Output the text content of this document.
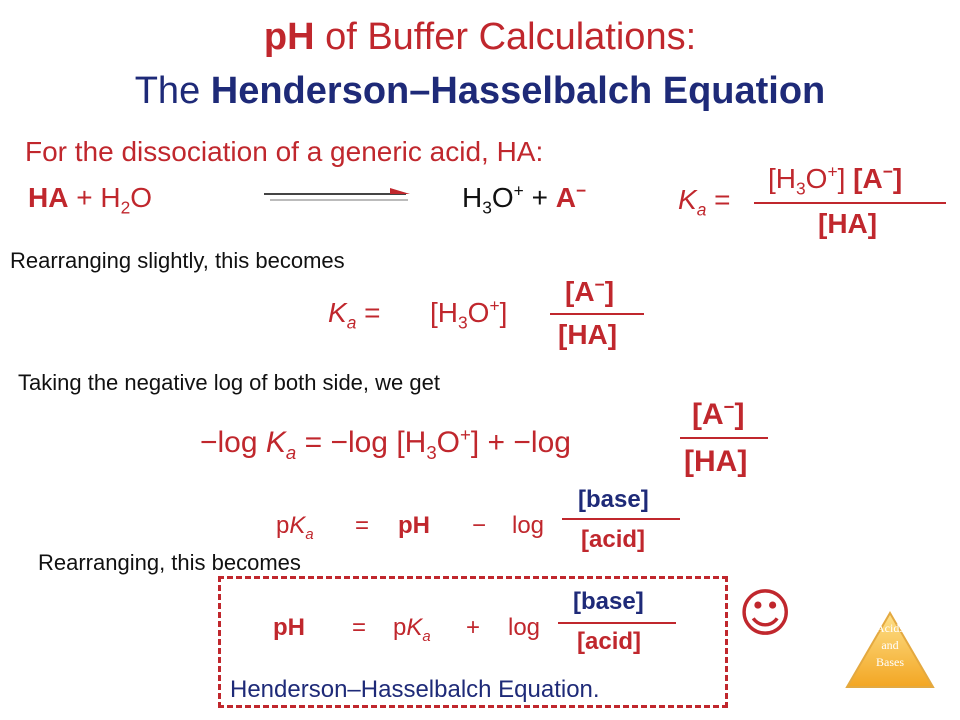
pH of Buffer Calculations:
The Henderson–Hasselbalch Equation
For the dissociation of a generic acid, HA:
HA + $H_2O$	$H_3O^+ + A^-$	$K_a$ =
$[H_3O^+]$ [A−]
[HA]
Rearranging slightly, this becomes
$K_a = [H_3O^+]$
[A−]
[HA]
Taking the negative log of both side, we get
−log $K_a = -\log$ $[H_3O^+] + -\log$
[A−]
[HA]
$pK_a$ = pH − log
[base]
[acid]
Rearranging, this becomes
pH = $pK_a + \log$
[base]
[acid]
Henderson–Hasselbalch Equation.
☺	Acids
and
Bases
